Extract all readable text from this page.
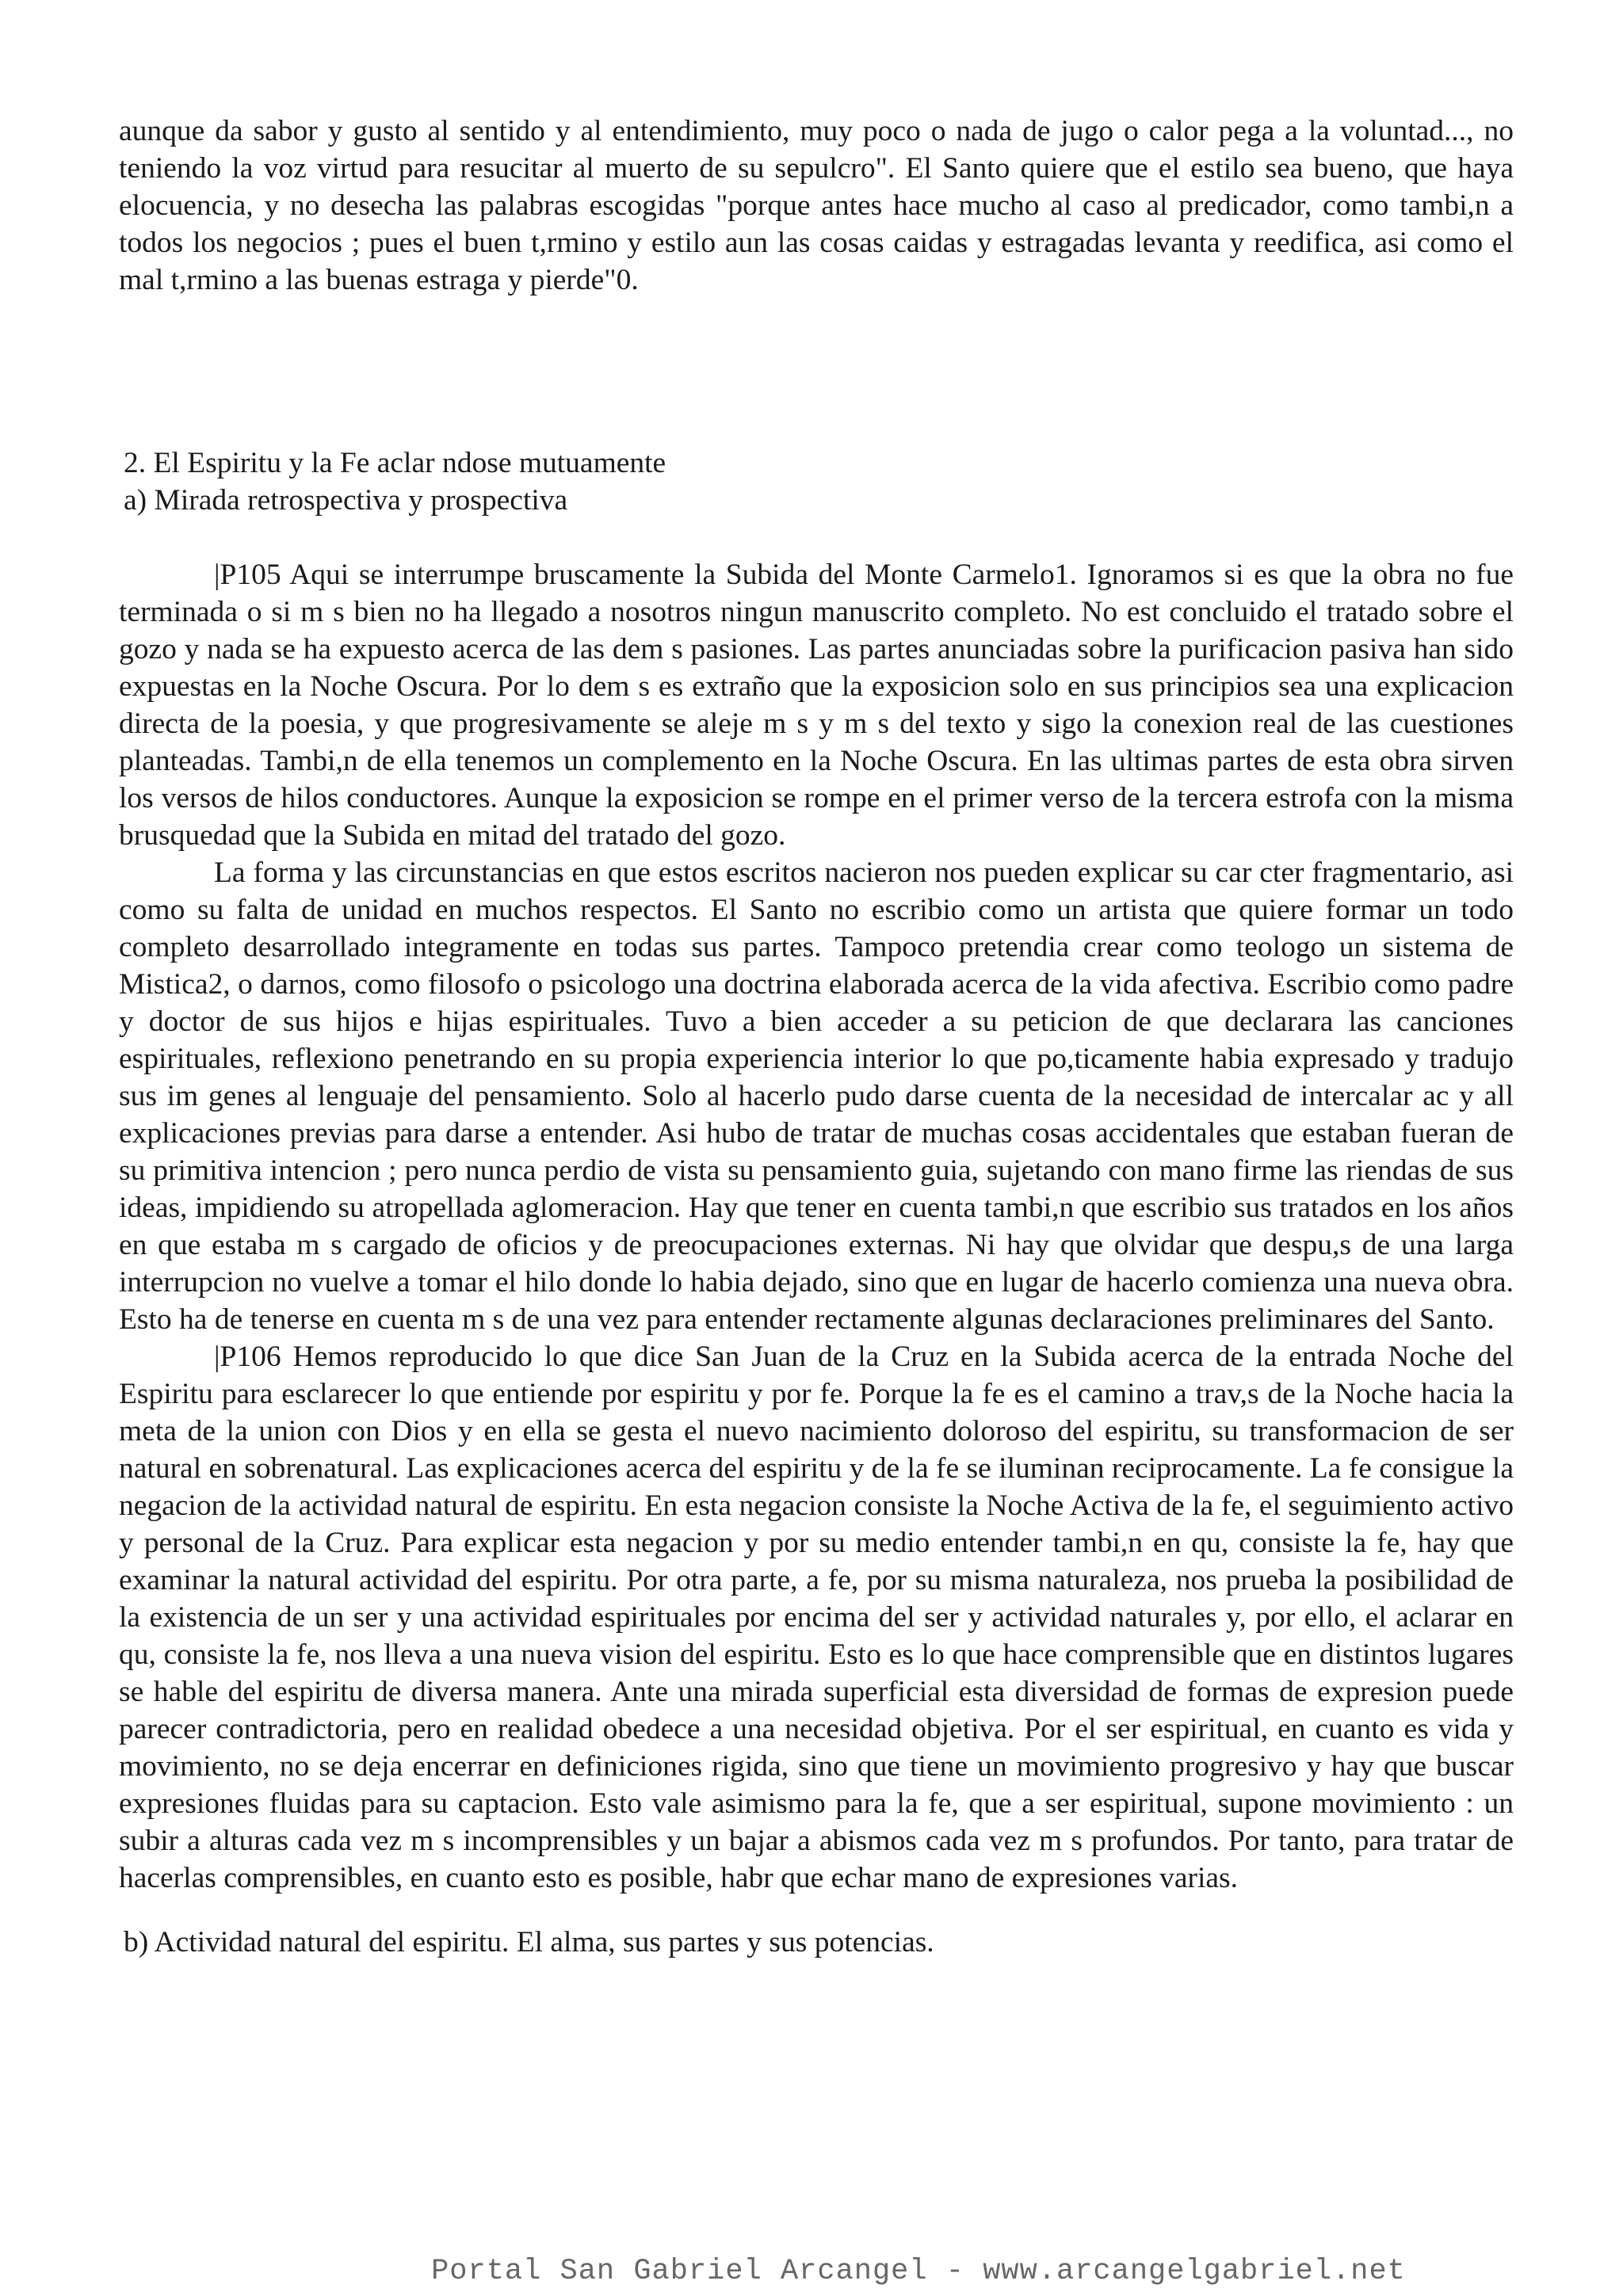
aunque da sabor y gusto al sentido y al entendimiento, muy poco o nada de jugo o calor pega a la voluntad..., no teniendo la voz virtud para resucitar al muerto de su sepulcro". El Santo quiere que el estilo sea bueno, que haya elocuencia, y no desecha las palabras escogidas "porque antes hace mucho al caso al predicador, como tambi,n a todos los negocios ; pues el buen t,rmino y estilo aun las cosas caidas y estragadas levanta y reedifica, asi como el mal t,rmino a las buenas estraga y pierde"0.

2. El Espiritu y la Fe aclar ndose mutuamente

a) Mirada retrospectiva y prospectiva

|P105 Aqui se interrumpe bruscamente la Subida del Monte Carmelo1. Ignoramos si es que la obra no fue terminada o si m s bien no ha llegado a nosotros ningun manuscrito completo. No est concluido el tratado sobre el gozo y nada se ha expuesto acerca de las dem s pasiones. Las partes anunciadas sobre la purificacion pasiva han sido expuestas en la Noche Oscura. Por lo dem s es extraño que la exposicion solo en sus principios sea una explicacion directa de la poesia, y que progresivamente se aleje m s y m s del texto y sigo la conexion real de las cuestiones planteadas. Tambi,n de ella tenemos un complemento en la Noche Oscura. En las ultimas partes de esta obra sirven los versos de hilos conductores. Aunque la exposicion se rompe en el primer verso de la tercera estrofa con la misma brusquedad que la Subida en mitad del tratado del gozo.

La forma y las circunstancias en que estos escritos nacieron nos pueden explicar su car cter fragmentario, asi como su falta de unidad en muchos respectos. El Santo no escribio como un artista que quiere formar un todo completo desarrollado integramente en todas sus partes. Tampoco pretendia crear como teologo un sistema de Mistica2, o darnos, como filosofo o psicologo una doctrina elaborada acerca de la vida afectiva. Escribio como padre y doctor de sus hijos e hijas espirituales. Tuvo a bien acceder a su peticion de que declarara las canciones espirituales, reflexiono penetrando en su propia experiencia interior lo que po,ticamente habia expresado y tradujo sus im genes al lenguaje del pensamiento. Solo al hacerlo pudo darse cuenta de la necesidad de intercalar ac y all explicaciones previas para darse a entender. Asi hubo de tratar de muchas cosas accidentales que estaban fueran de su primitiva intencion ; pero nunca perdio de vista su pensamiento guia, sujetando con mano firme las riendas de sus ideas, impidiendo su atropellada aglomeracion. Hay que tener en cuenta tambi,n que escribio sus tratados en los años en que estaba m s cargado de oficios y de preocupaciones externas. Ni hay que olvidar que despu,s de una larga interrupcion no vuelve a tomar el hilo donde lo habia dejado, sino que en lugar de hacerlo comienza una nueva obra. Esto ha de tenerse en cuenta m s de una vez para entender rectamente algunas declaraciones preliminares del Santo.

|P106 Hemos reproducido lo que dice San Juan de la Cruz en la Subida acerca de la entrada Noche del Espiritu para esclarecer lo que entiende por espiritu y por fe. Porque la fe es el camino a trav,s de la Noche hacia la meta de la union con Dios y en ella se gesta el nuevo nacimiento doloroso del espiritu, su transformacion de ser natural en sobrenatural. Las explicaciones acerca del espiritu y de la fe se iluminan reciprocamente. La fe consigue la negacion de la actividad natural de espiritu. En esta negacion consiste la Noche Activa de la fe, el seguimiento activo y personal de la Cruz. Para explicar esta negacion y por su medio entender tambi,n en qu, consiste la fe, hay que examinar la natural actividad del espiritu. Por otra parte, a fe, por su misma naturaleza, nos prueba la posibilidad de la existencia de un ser y una actividad espirituales por encima del ser y actividad naturales y, por ello, el aclarar en qu, consiste la fe, nos lleva a una nueva vision del espiritu. Esto es lo que hace comprensible que en distintos lugares se hable del espiritu de diversa manera. Ante una mirada superficial esta diversidad de formas de expresion puede parecer contradictoria, pero en realidad obedece a una necesidad objetiva. Por el ser espiritual, en cuanto es vida y movimiento, no se deja encerrar en definiciones rigida, sino que tiene un movimiento progresivo y hay que buscar expresiones fluidas para su captacion. Esto vale asimismo para la fe, que a ser espiritual, supone movimiento : un subir a alturas cada vez m s incomprensibles y un bajar a abismos cada vez m s profundos. Por tanto, para tratar de hacerlas comprensibles, en cuanto esto es posible, habr que echar mano de expresiones varias.

b) Actividad natural del espiritu. El alma, sus partes y sus potencias.

Portal San Gabriel Arcangel - www.arcangelgabriel.net
